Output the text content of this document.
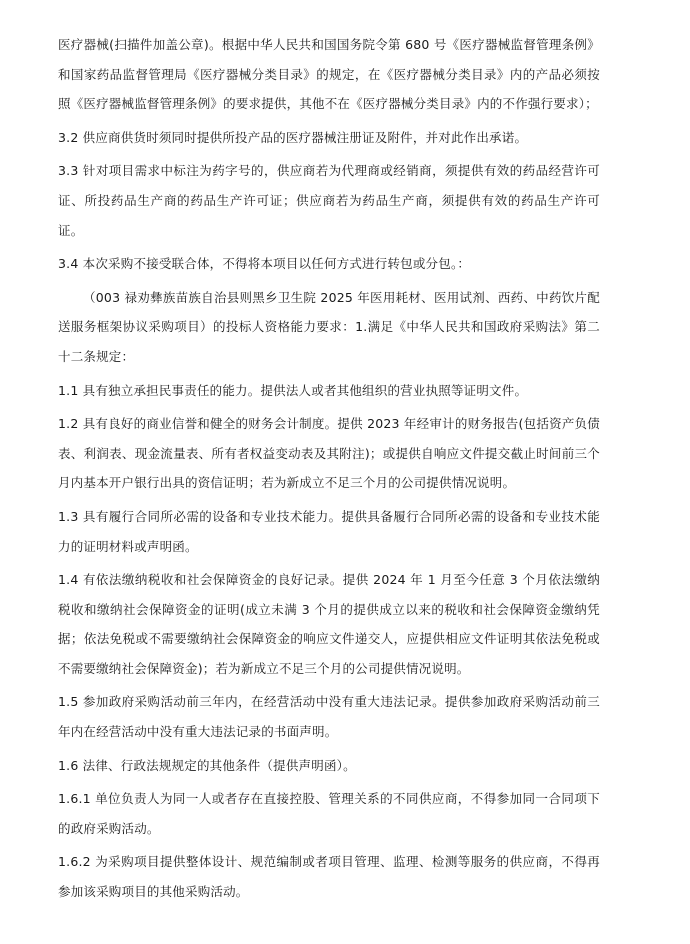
医疗器械(扫描件加盖公章)。根据中华人民共和国国务院令第 680 号《医疗器械监督管理条例》和国家药品监督管理局《医疗器械分类目录》的规定，在《医疗器械分类目录》内的产品必须按照《医疗器械监督管理条例》的要求提供，其他不在《医疗器械分类目录》内的不作强行要求）；

3.2 供应商供货时须同时提供所投产品的医疗器械注册证及附件，并对此作出承诺。

3.3 针对项目需求中标注为药字号的，供应商若为代理商或经销商，须提供有效的药品经营许可证、所投药品生产商的药品生产许可证；供应商若为药品生产商，须提供有效的药品生产许可证。

3.4 本次采购不接受联合体，不得将本项目以任何方式进行转包或分包。：

（003 禄劝彝族苗族自治县则黑乡卫生院 2025 年医用耗材、医用试剂、西药、中药饮片配送服务框架协议采购项目）的投标人资格能力要求：1.满足《中华人民共和国政府采购法》第二十二条规定：

1.1 具有独立承担民事责任的能力。提供法人或者其他组织的营业执照等证明文件。

1.2 具有良好的商业信誉和健全的财务会计制度。提供 2023 年经审计的财务报告(包括资产负债表、利润表、现金流量表、所有者权益变动表及其附注)；或提供自响应文件提交截止时间前三个月内基本开户银行出具的资信证明；若为新成立不足三个月的公司提供情况说明。

1.3 具有履行合同所必需的设备和专业技术能力。提供具备履行合同所必需的设备和专业技术能力的证明材料或声明函。

1.4 有依法缴纳税收和社会保障资金的良好记录。提供 2024 年 1 月至今任意 3 个月依法缴纳税收和缴纳社会保障资金的证明(成立未满 3 个月的提供成立以来的税收和社会保障资金缴纳凭据；依法免税或不需要缴纳社会保障资金的响应文件递交人，应提供相应文件证明其依法免税或不需要缴纳社会保障资金)；若为新成立不足三个月的公司提供情况说明。

1.5 参加政府采购活动前三年内，在经营活动中没有重大违法记录。提供参加政府采购活动前三年内在经营活动中没有重大违法记录的书面声明。

1.6 法律、行政法规规定的其他条件（提供声明函）。

1.6.1 单位负责人为同一人或者存在直接控股、管理关系的不同供应商，不得参加同一合同项下的政府采购活动。

1.6.2 为采购项目提供整体设计、规范编制或者项目管理、监理、检测等服务的供应商，不得再参加该采购项目的其他采购活动。
